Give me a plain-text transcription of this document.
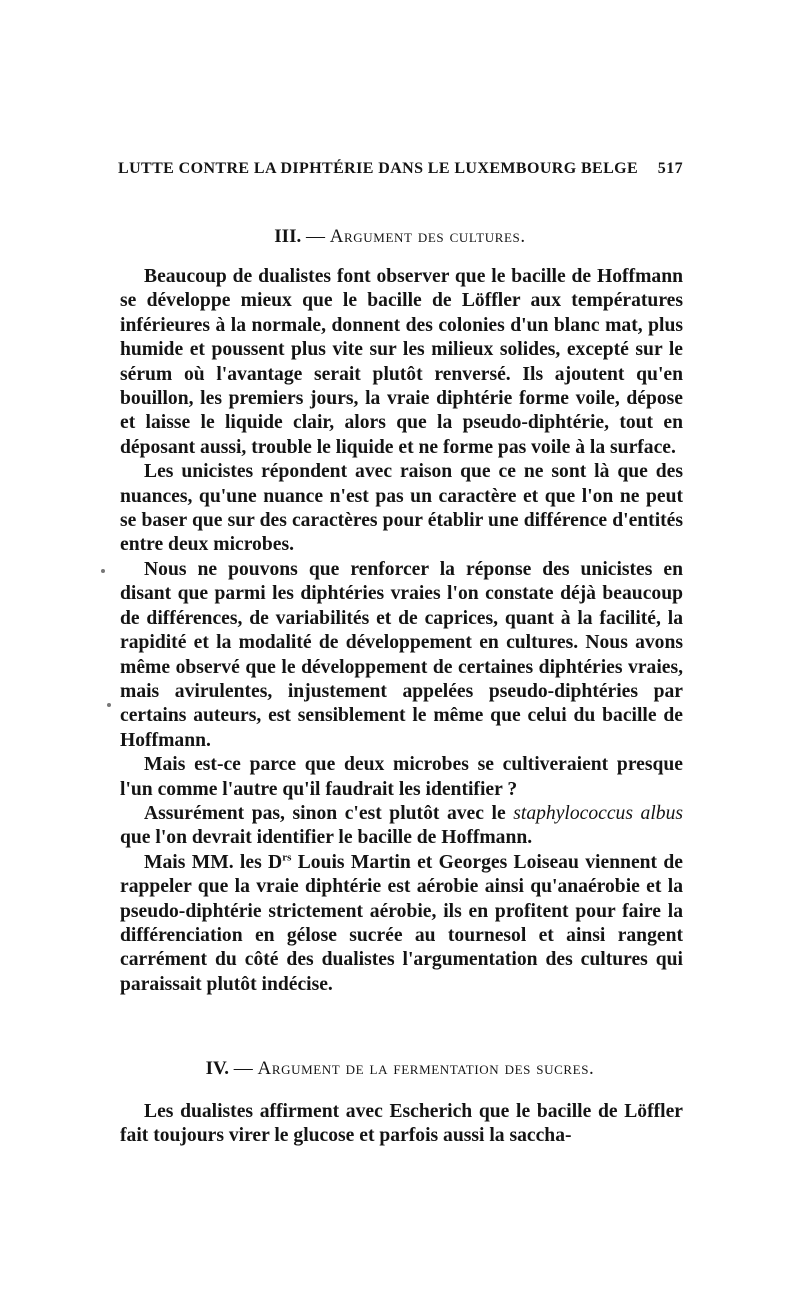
LUTTE CONTRE LA DIPHTÉRIE DANS LE LUXEMBOURG BELGE 517
III. — Argument des cultures.

Beaucoup de dualistes font observer que le bacille de Hoffmann se développe mieux que le bacille de Löffler aux températures inférieures à la normale, donnent des colonies d'un blanc mat, plus humide et poussent plus vite sur les milieux solides, excepté sur le sérum où l'avantage serait plutôt renversé. Ils ajoutent qu'en bouillon, les premiers jours, la vraie diphtérie forme voile, dépose et laisse le liquide clair, alors que la pseudo-diphtérie, tout en déposant aussi, trouble le liquide et ne forme pas voile à la surface.

Les unicistes répondent avec raison que ce ne sont là que des nuances, qu'une nuance n'est pas un caractère et que l'on ne peut se baser que sur des caractères pour établir une différence d'entités entre deux microbes.

Nous ne pouvons que renforcer la réponse des unicistes en disant que parmi les diphtéries vraies l'on constate déjà beaucoup de différences, de variabilités et de caprices, quant à la facilité, la rapidité et la modalité de développement en cultures. Nous avons même observé que le développement de certaines diphtéries vraies, mais avirulentes, injustement appelées pseudo-diphtéries par certains auteurs, est sensiblement le même que celui du bacille de Hoffmann.

Mais est-ce parce que deux microbes se cultiveraient presque l'un comme l'autre qu'il faudrait les identifier ?

Assurément pas, sinon c'est plutôt avec le staphylococcus albus que l'on devrait identifier le bacille de Hoffmann.

Mais MM. les $D^{rs}$ Louis Martin et Georges Loiseau viennent de rappeler que la vraie diphtérie est aérobie ainsi qu'anaérobie et la pseudo-diphtérie strictement aérobie, ils en profitent pour faire la différenciation en gélose sucrée au tournesol et ainsi rangent carrément du côté des dualistes l'argumentation des cultures qui paraissait plutôt indécise.

IV. — Argument de la fermentation des sucres.

Les dualistes affirment avec Escherich que le bacille de Löffler fait toujours virer le glucose et parfois aussi la saccha-
